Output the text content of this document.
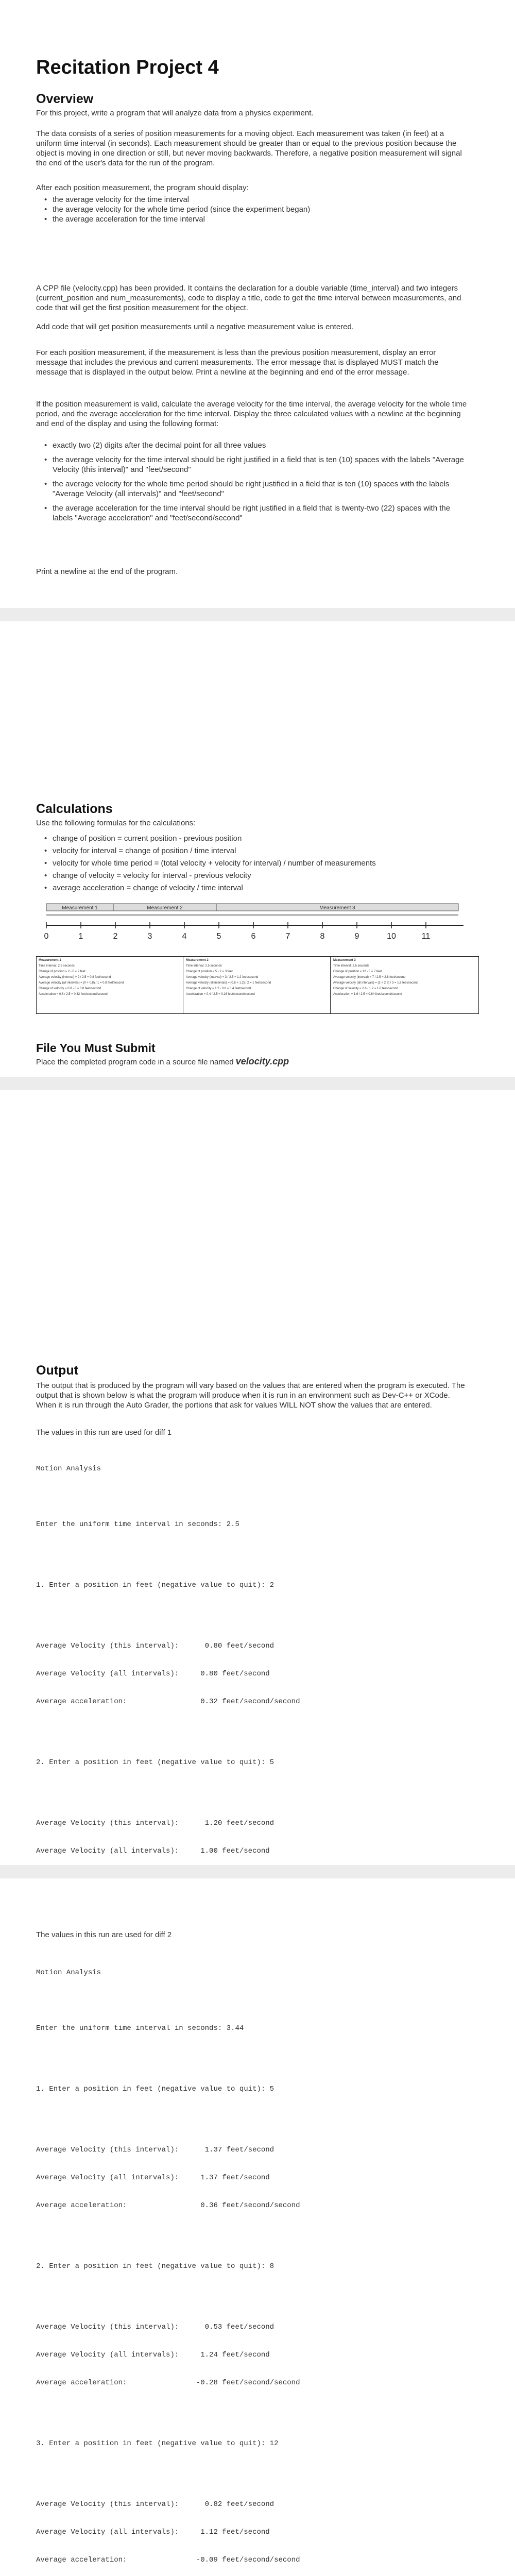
Recitation Project 4
Overview

For this project, write a program that will analyze data from a physics experiment.

The data consists of a series of position measurements for a moving object. Each measurement was taken (in feet) at a uniform time interval (in seconds). Each measurement should be greater than or equal to the previous position because the object is moving in one direction or still, but never moving backwards. Therefore, a negative position measurement will signal the end of the user's data for the run of the program.

After each position measurement, the program should display:

• the average velocity for the time interval
• the average velocity for the whole time period (since the experiment began)
• the average acceleration for the time interval

A CPP file (velocity.cpp) has been provided. It contains the declaration for a double variable (time_interval) and two integers (current_position and num_measurements), code to display a title, code to get the time interval between measurements, and code that will get the first position measurement for the object.

Add code that will get position measurements until a negative measurement value is entered.

For each position measurement, if the measurement is less than the previous position measurement, display an error message that includes the previous and current measurements. The error message that is displayed MUST match the message that is displayed in the output below. Print a newline at the beginning and end of the error message.

If the position measurement is valid, calculate the average velocity for the time interval, the average velocity for the whole time period, and the average acceleration for the time interval. Display the three calculated values with a newline at the beginning and end of the display and using the following format:

• exactly two (2) digits after the decimal point for all three values
• the average velocity for the time interval should be right justified in a field that is ten (10) spaces with the labels "Average Velocity (this interval)" and "feet/second"
• the average velocity for the whole time period should be right justified in a field that is ten (10) spaces with the labels "Average Velocity (all intervals)" and "feet/second"
• the average acceleration for the time interval should be right justified in a field that is twenty-two (22) spaces with the labels "Average acceleration" and "feet/second/second"

Print a newline at the end of the program.

Calculations

Use the following formulas for the calculations:

• change of position = current position - previous position
• velocity for interval = change of position / time interval
• velocity for whole time period = (total velocity + velocity for interval) / number of measurements
• change of velocity = velocity for interval - previous velocity
• average acceleration = change of velocity / time interval
Measurement 1	Measurement 2	Measurement 3
0	1	2	3	4	5	6	7	8	9	10	11
Measurement 1
Time interval: 2.5 seconds
Change of position = 2 - 0 = 2 feet
Average velocity (interval) = 2 / 2.5 = 0.8 feet/second
Average velocity (all intervals) = (0 + 0.8) / 1 = 0.8 feet/second
Change of velocity = 0.8 - 0 = 0.8 feet/second
Acceleration = 0.8 / 2.5 = 0.32 feet/second/second
Measurement 2
Time interval: 2.5 seconds
Change of position = 5 - 2 = 3 feet
Average velocity (interval) = 3 / 2.5 = 1.2 feet/second
Average velocity (all intervals) = (0.8 + 1.2) / 2 = 1 feet/second
Change of velocity = 1.2 - 0.8 = 0.4 feet/second
Acceleration = 0.4 / 2.5 = 0.16 feet/second/second
Measurement 3
Time interval: 2.5 seconds
Change of position = 12 - 5 = 7 feet
Average velocity (interval) = 7 / 2.5 = 2.8 feet/second
Average velocity (all intervals) = (2 + 2.8) / 3 = 1.6 feet/second
Change of velocity = 2.8 - 1.2 = 1.6 feet/second
Acceleration = 1.6 / 2.5 = 0.64 feet/second/second
File You Must Submit

Place the completed program code in a source file named velocity.cpp

Output

The output that is produced by the program will vary based on the values that are entered when the program is executed. The output that is shown below is what the program will produce when it is run in an environment such as Dev-C++ or XCode. When it is run through the Auto Grader, the portions that ask for values WILL NOT show the values that are entered.

The values in this run are used for diff 1

Motion Analysis

Enter the uniform time interval in seconds: 2.5

1. Enter a position in feet (negative value to quit): 2

Average Velocity (this interval):      0.80 feet/second

Average Velocity (all intervals):     0.80 feet/second

Average acceleration:                 0.32 feet/second/second

2. Enter a position in feet (negative value to quit): 5

Average Velocity (this interval):      1.20 feet/second

Average Velocity (all intervals):     1.00 feet/second

The values in this run are used for diff 2

Motion Analysis

Enter the uniform time interval in seconds: 3.44

1. Enter a position in feet (negative value to quit): 5

Average Velocity (this interval):      1.37 feet/second

Average Velocity (all intervals):     1.37 feet/second

Average acceleration:                 0.36 feet/second/second

2. Enter a position in feet (negative value to quit): 8

Average Velocity (this interval):      0.53 feet/second

Average Velocity (all intervals):     1.24 feet/second

Average acceleration:                -0.28 feet/second/second

3. Enter a position in feet (negative value to quit): 12

Average Velocity (this interval):      0.82 feet/second

Average Velocity (all intervals):     1.12 feet/second

Average acceleration:                -0.09 feet/second/second
